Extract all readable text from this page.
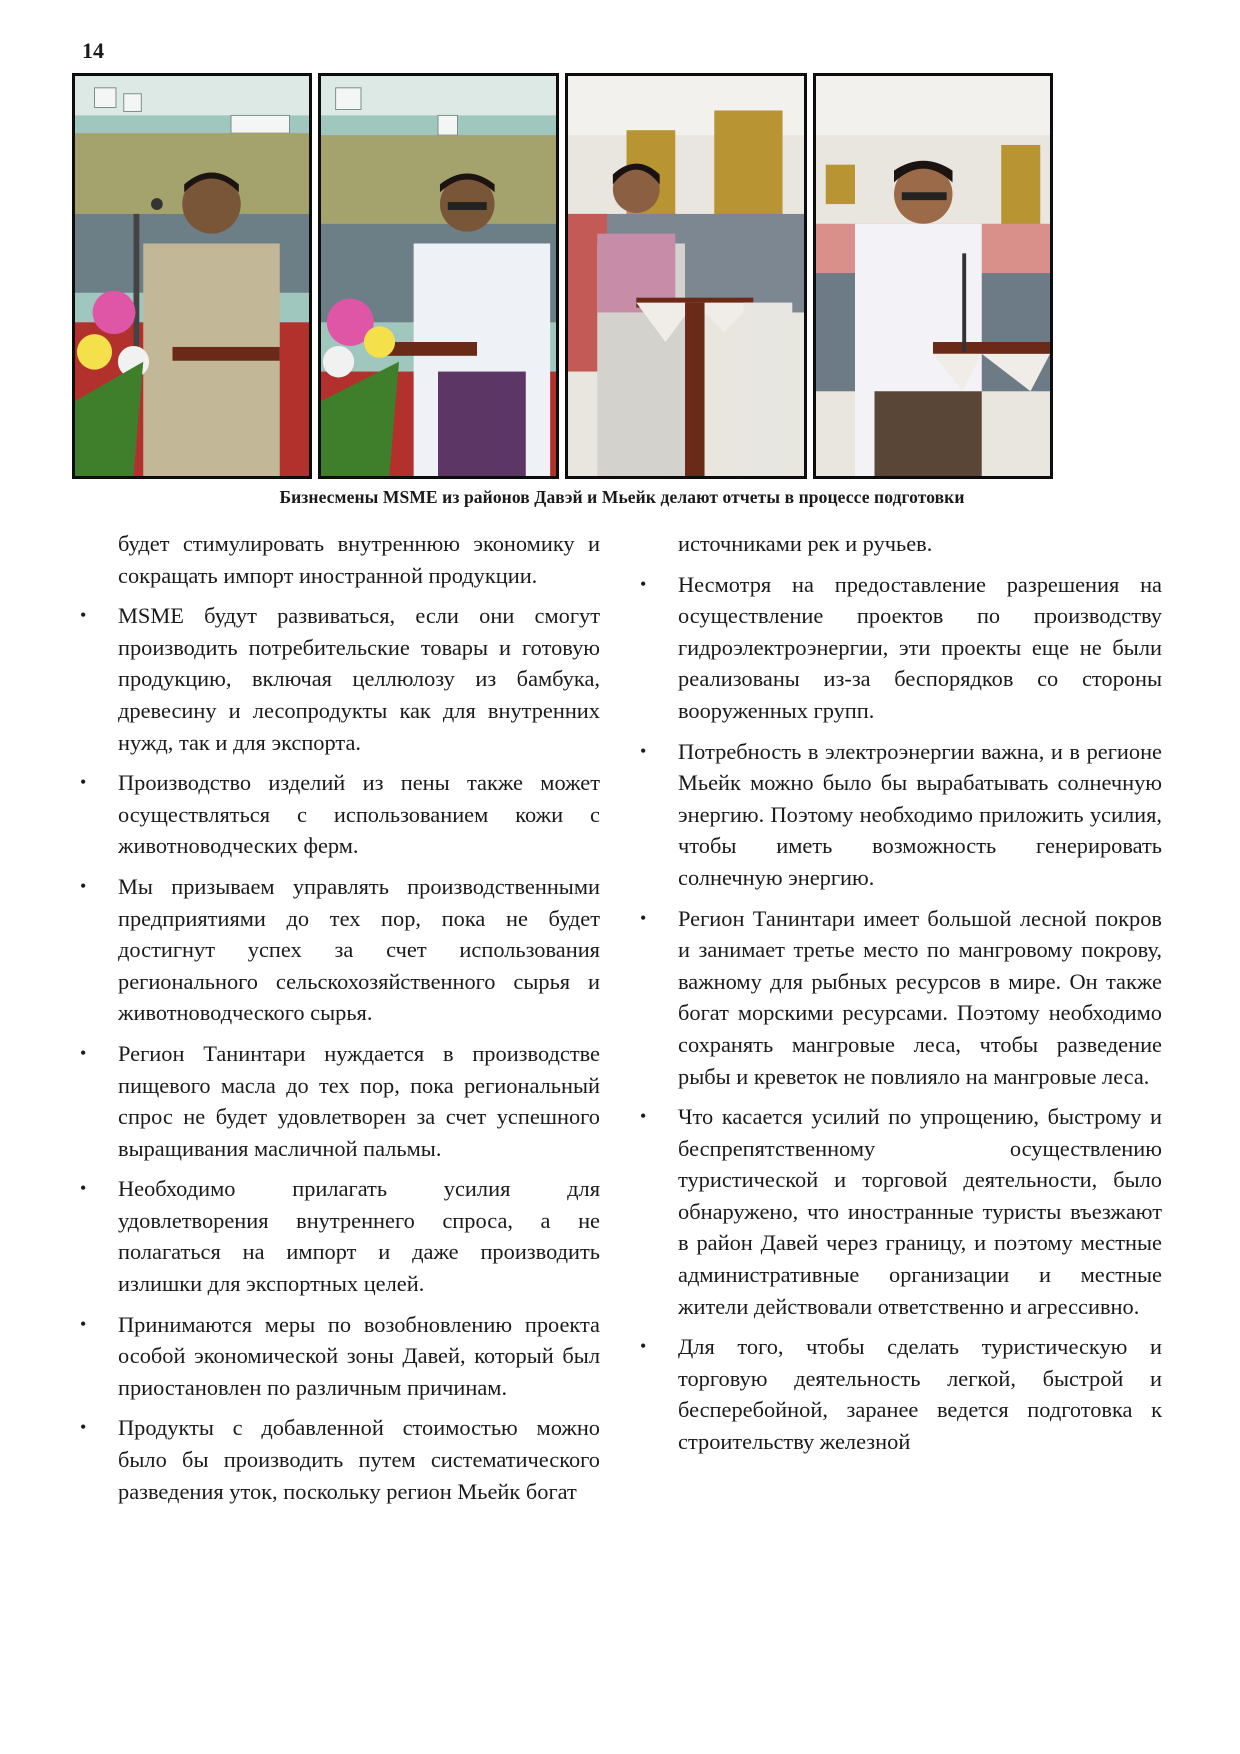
14
Бизнесмены MSME из районов Давэй и Мьейк делают отчеты в процессе подготовки

будет стимулировать внутреннюю экономику и сокращать импорт иностранной продукции.

•	MSME будут развиваться, если они смогут производить потребительские товары и готовую продукцию, включая целлюлозу из бамбука, древесину и лесопродукты как для внутренних нужд, так и для экспорта.
•	Производство изделий из пены также может осуществляться с использованием кожи с животноводческих ферм.
•	Мы призываем управлять производственными предприятиями до тех пор, пока не будет достигнут успех за счет использования регионального сельскохозяйственного сырья и животноводческого сырья.
•	Регион Танинтари нуждается в производстве пищевого масла до тех пор, пока региональный спрос не будет удовлетворен за счет успешного выращивания масличной пальмы.
•	Необходимо прилагать усилия для удовлетворения внутреннего спроса, а не полагаться на импорт и даже производить излишки для экспортных целей.
•	Принимаются меры по возобновлению проекта особой экономической зоны Давей, который был приостановлен по различным причинам.
•	Продукты с добавленной стоимостью можно было бы производить путем систематического разведения уток, поскольку регион Мьейк богат

источниками рек и ручьев.

•	Несмотря на предоставление разрешения на осуществление проектов по производству гидроэлектроэнергии, эти проекты еще не были реализованы из-за беспорядков со стороны вооруженных групп.
•	Потребность в электроэнергии важна, и в регионе Мьейк можно было бы вырабатывать солнечную энергию. Поэтому необходимо приложить усилия, чтобы иметь возможность генерировать солнечную энергию.
•	Регион Танинтари имеет большой лесной покров и занимает третье место по мангровому покрову, важному для рыбных ресурсов в мире. Он также богат морскими ресурсами. Поэтому необходимо сохранять мангровые леса, чтобы разведение рыбы и креветок не повлияло на мангровые леса.
•	Что касается усилий по упрощению, быстрому и беспрепятственному осуществлению туристической и торговой деятельности, было обнаружено, что иностранные туристы въезжают в район Давей через границу, и поэтому местные административные организации и местные жители действовали ответственно и агрессивно.
•	Для того, чтобы сделать туристическую и торговую деятельность легкой, быстрой и бесперебойной, заранее ведется подготовка к строительству железной
